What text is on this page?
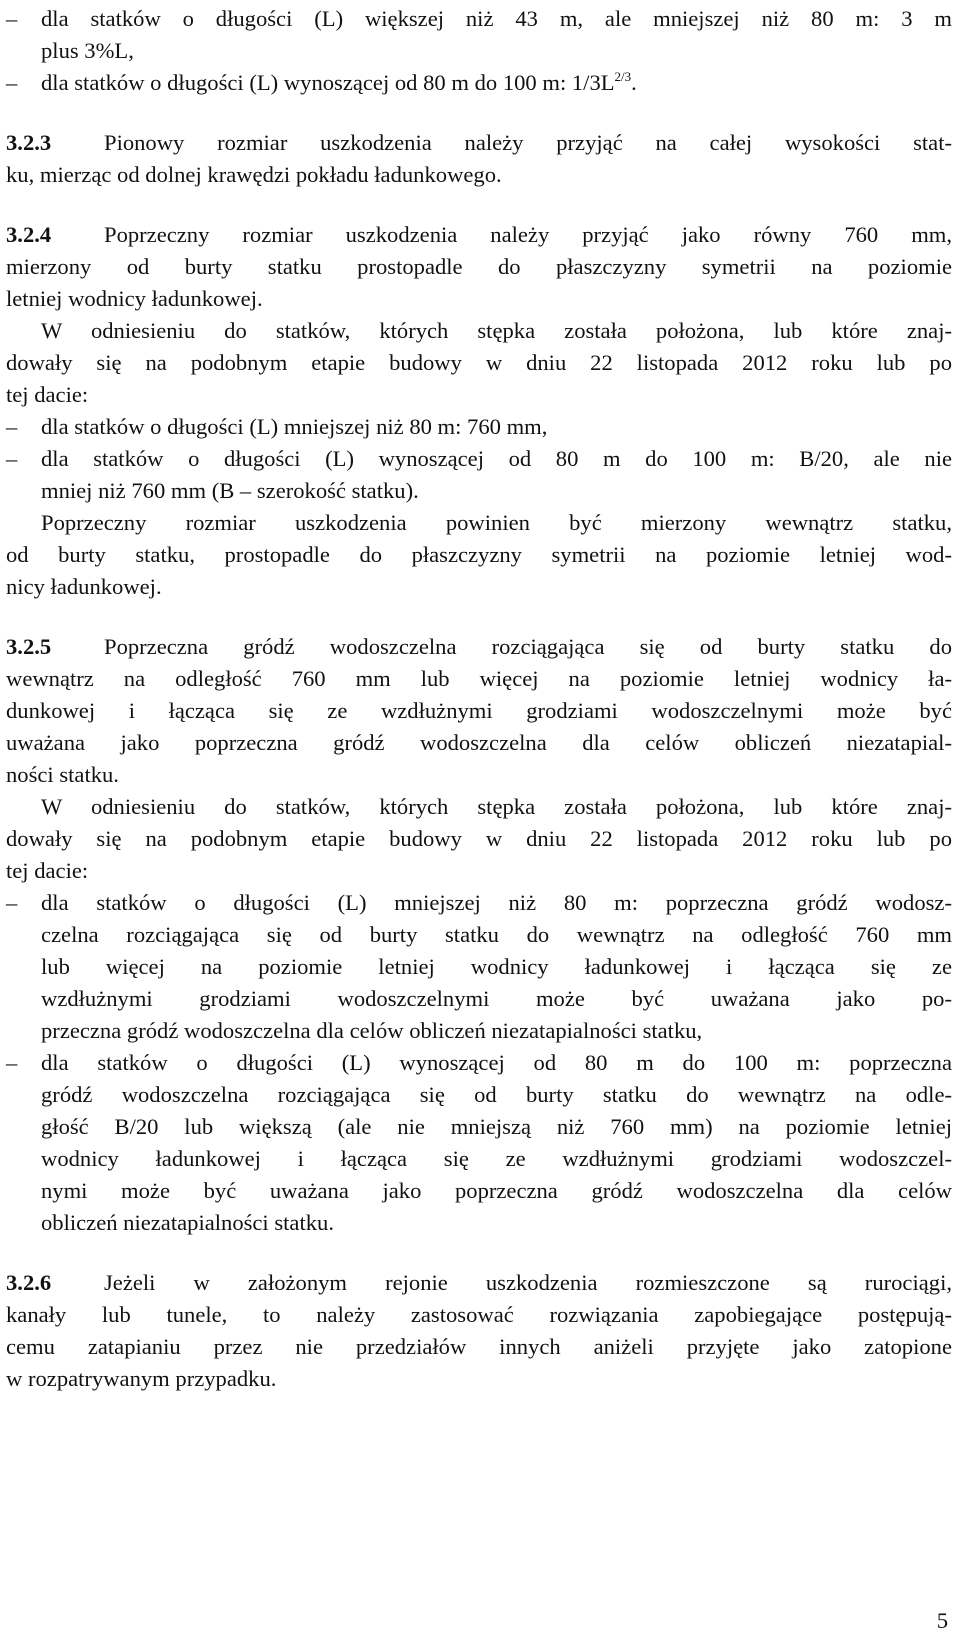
– dla statków o długości (L) większej niż 43 m, ale mniejszej niż 80 m: 3 m
plus 3%L,
– dla statków o długości (L) wynoszącej od 80 m do 100 m: $1/3L^{2/3}$.
3.2.3 Pionowy rozmiar uszkodzenia należy przyjąć na całej wysokości stat-
ku, mierząc od dolnej krawędzi pokładu ładunkowego.
3.2.4 Poprzeczny rozmiar uszkodzenia należy przyjąć jako równy 760 mm,
mierzony od burty statku prostopadle do płaszczyzny symetrii na poziomie
letniej wodnicy ładunkowej.
W odniesieniu do statków, których stępka została położona, lub które znaj-
dowały się na podobnym etapie budowy w dniu 22 listopada 2012 roku lub po
tej dacie:
– dla statków o długości (L) mniejszej niż 80 m: 760 mm,
– dla statków o długości (L) wynoszącej od 80 m do 100 m: B/20, ale nie
mniej niż 760 mm (B – szerokość statku).
Poprzeczny rozmiar uszkodzenia powinien być mierzony wewnątrz statku,
od burty statku, prostopadle do płaszczyzny symetrii na poziomie letniej wod-
nicy ładunkowej.
3.2.5 Poprzeczna gródź wodoszczelna rozciągająca się od burty statku do
wewnątrz na odległość 760 mm lub więcej na poziomie letniej wodnicy ła-
dunkowej i łącząca się ze wzdłużnymi grodziami wodoszczelnymi może być
uważana jako poprzeczna gródź wodoszczelna dla celów obliczeń niezatapial-
ności statku.
W odniesieniu do statków, których stępka została położona, lub które znaj-
dowały się na podobnym etapie budowy w dniu 22 listopada 2012 roku lub po
tej dacie:
– dla statków o długości (L) mniejszej niż 80 m: poprzeczna gródź wodosz-
czelna rozciągająca się od burty statku do wewnątrz na odległość 760 mm
lub więcej na poziomie letniej wodnicy ładunkowej i łącząca się ze
wzdłużnymi grodziami wodoszczelnymi może być uważana jako po-
przeczna gródź wodoszczelna dla celów obliczeń niezatapialności statku,
– dla statków o długości (L) wynoszącej od 80 m do 100 m: poprzeczna
gródź wodoszczelna rozciągająca się od burty statku do wewnątrz na odle-
głość B/20 lub większą (ale nie mniejszą niż 760 mm) na poziomie letniej
wodnicy ładunkowej i łącząca się ze wzdłużnymi grodziami wodoszczel-
nymi może być uważana jako poprzeczna gródź wodoszczelna dla celów
obliczeń niezatapialności statku.
3.2.6 Jeżeli w założonym rejonie uszkodzenia rozmieszczone są rurociągi,
kanały lub tunele, to należy zastosować rozwiązania zapobiegające postępują-
cemu zatapianiu przez nie przedziałów innych aniżeli przyjęte jako zatopione
w rozpatrywanym przypadku.
5
